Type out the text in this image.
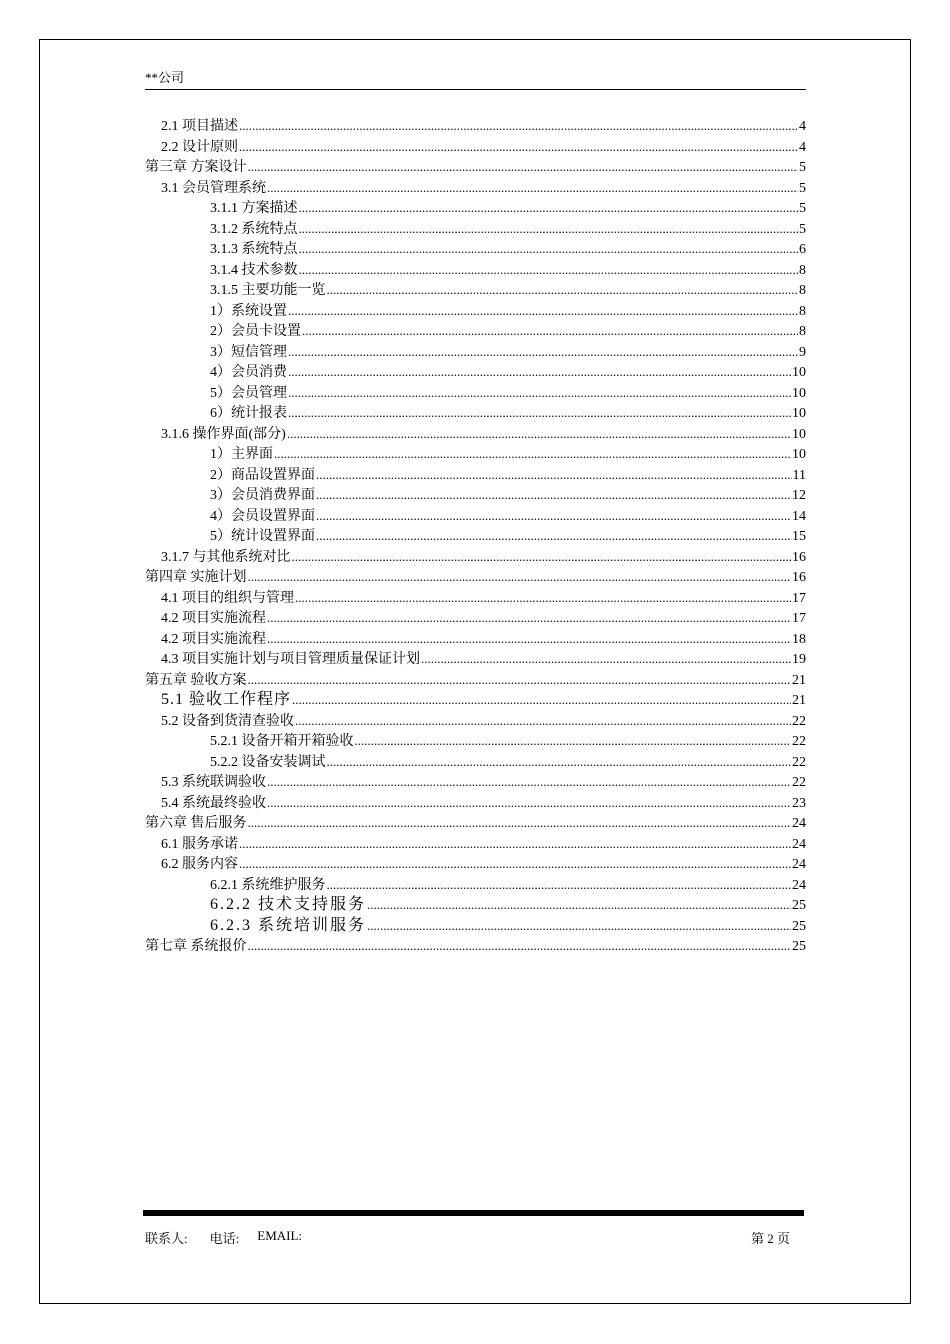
**公司
2.1 项目描述 .....	4
2.2 设计原则 .....	4
第三章 方案设计 .....	5
3.1 会员管理系统 .....	5
3.1.1 方案描述 .....	5
3.1.2 系统特点 .....	5
3.1.3 系统特点 .....	6
3.1.4 技术参数 .....	8
3.1.5 主要功能一览 .....	8
1）系统设置 .....	8
2）会员卡设置 .....	8
3）短信管理 .....	9
4）会员消费 .....	10
5）会员管理 .....	10
6）统计报表 .....	10
3.1.6 操作界面(部分) .....	10
1）主界面 .....	10
2）商品设置界面 .....	11
3）会员消费界面 .....	12
4）会员设置界面 .....	14
5）统计设置界面 .....	15
3.1.7 与其他系统对比 .....	16
第四章 实施计划 .....	16
4.1 项目的组织与管理 .....	17
4.2 项目实施流程 .....	17
4.2 项目实施流程 .....	18
4.3 项目实施计划与项目管理质量保证计划 .....	19
第五章 验收方案 .....	21
5.1 验收工作程序 .....	21
5.2 设备到货清查验收 .....	22
5.2.1 设备开箱开箱验收 .....	22
5.2.2 设备安装调试 .....	22
5.3 系统联调验收 .....	22
5.4 系统最终验收 .....	23
第六章 售后服务 .....	24
6.1 服务承诺 .....	24
6.2 服务内容 .....	24
6.2.1 系统维护服务 .....	24
6.2.2 技术支持服务 .....	25
6.2.3 系统培训服务 .....	25
第七章 系统报价 .....	25
联系人: 电话: EMAIL:	第 2 页
